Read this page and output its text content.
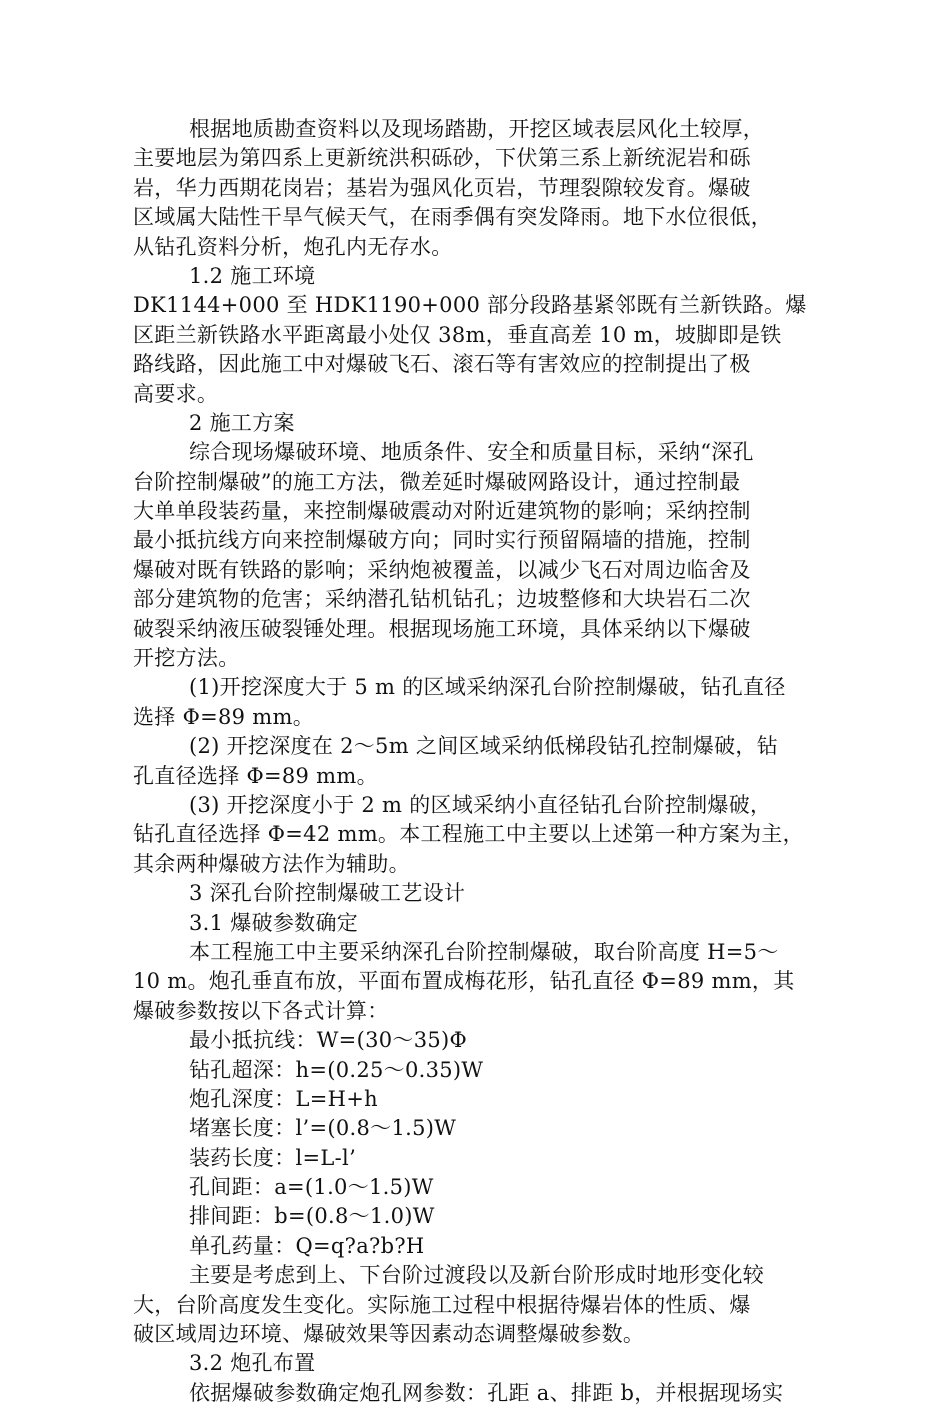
根据地质勘查资料以及现场踏勘，开挖区域表层风化土较厚，
主要地层为第四系上更新统洪积砾砂，下伏第三系上新统泥岩和砾
岩，华力西期花岗岩；基岩为强风化页岩，节理裂隙较发育。爆破
区域属大陆性干旱气候天气，在雨季偶有突发降雨。地下水位很低，
从钻孔资料分析，炮孔内无存水。
1.2 施工环境
DK1144+000 至 HDK1190+000 部分段路基紧邻既有兰新铁路。爆
区距兰新铁路水平距离最小处仅 38m，垂直高差 10 m，坡脚即是铁
路线路，因此施工中对爆破飞石、滚石等有害效应的控制提出了极
高要求。
2 施工方案
综合现场爆破环境、地质条件、安全和质量目标，采纳“深孔
台阶控制爆破”的施工方法，微差延时爆破网路设计，通过控制最
大单单段装药量，来控制爆破震动对附近建筑物的影响；采纳控制
最小抵抗线方向来控制爆破方向；同时实行预留隔墙的措施，控制
爆破对既有铁路的影响；采纳炮被覆盖，以减少飞石对周边临舍及
部分建筑物的危害；采纳潜孔钻机钻孔；边坡整修和大块岩石二次
破裂采纳液压破裂锤处理。根据现场施工环境，具体采纳以下爆破
开挖方法。
(1)开挖深度大于 5 m 的区域采纳深孔台阶控制爆破，钻孔直径
选择 Φ=89 mm。
(2) 开挖深度在 2～5m 之间区域采纳低梯段钻孔控制爆破，钻
孔直径选择 Φ=89 mm。
(3) 开挖深度小于 2 m 的区域采纳小直径钻孔台阶控制爆破，
钻孔直径选择 Φ=42 mm。本工程施工中主要以上述第一种方案为主，
其余两种爆破方法作为辅助。
3 深孔台阶控制爆破工艺设计
3.1 爆破参数确定
本工程施工中主要采纳深孔台阶控制爆破，取台阶高度 H=5～
10 m。炮孔垂直布放，平面布置成梅花形，钻孔直径 Φ=89 mm，其
爆破参数按以下各式计算：
最小抵抗线：W=(30～35)Φ
钻孔超深：h=(0.25～0.35)W
炮孔深度：L=H+h
堵塞长度：l’=(0.8～1.5)W
装药长度：l=L-l’
孔间距：a=(1.0～1.5)W
排间距：b=(0.8～1.0)W
单孔药量：Q=q?a?b?H
主要是考虑到上、下台阶过渡段以及新台阶形成时地形变化较
大，台阶高度发生变化。实际施工过程中根据待爆岩体的性质、爆
破区域周边环境、爆破效果等因素动态调整爆破参数。
3.2 炮孔布置
依据爆破参数确定炮孔网参数：孔距 a、排距 b，并根据现场实
